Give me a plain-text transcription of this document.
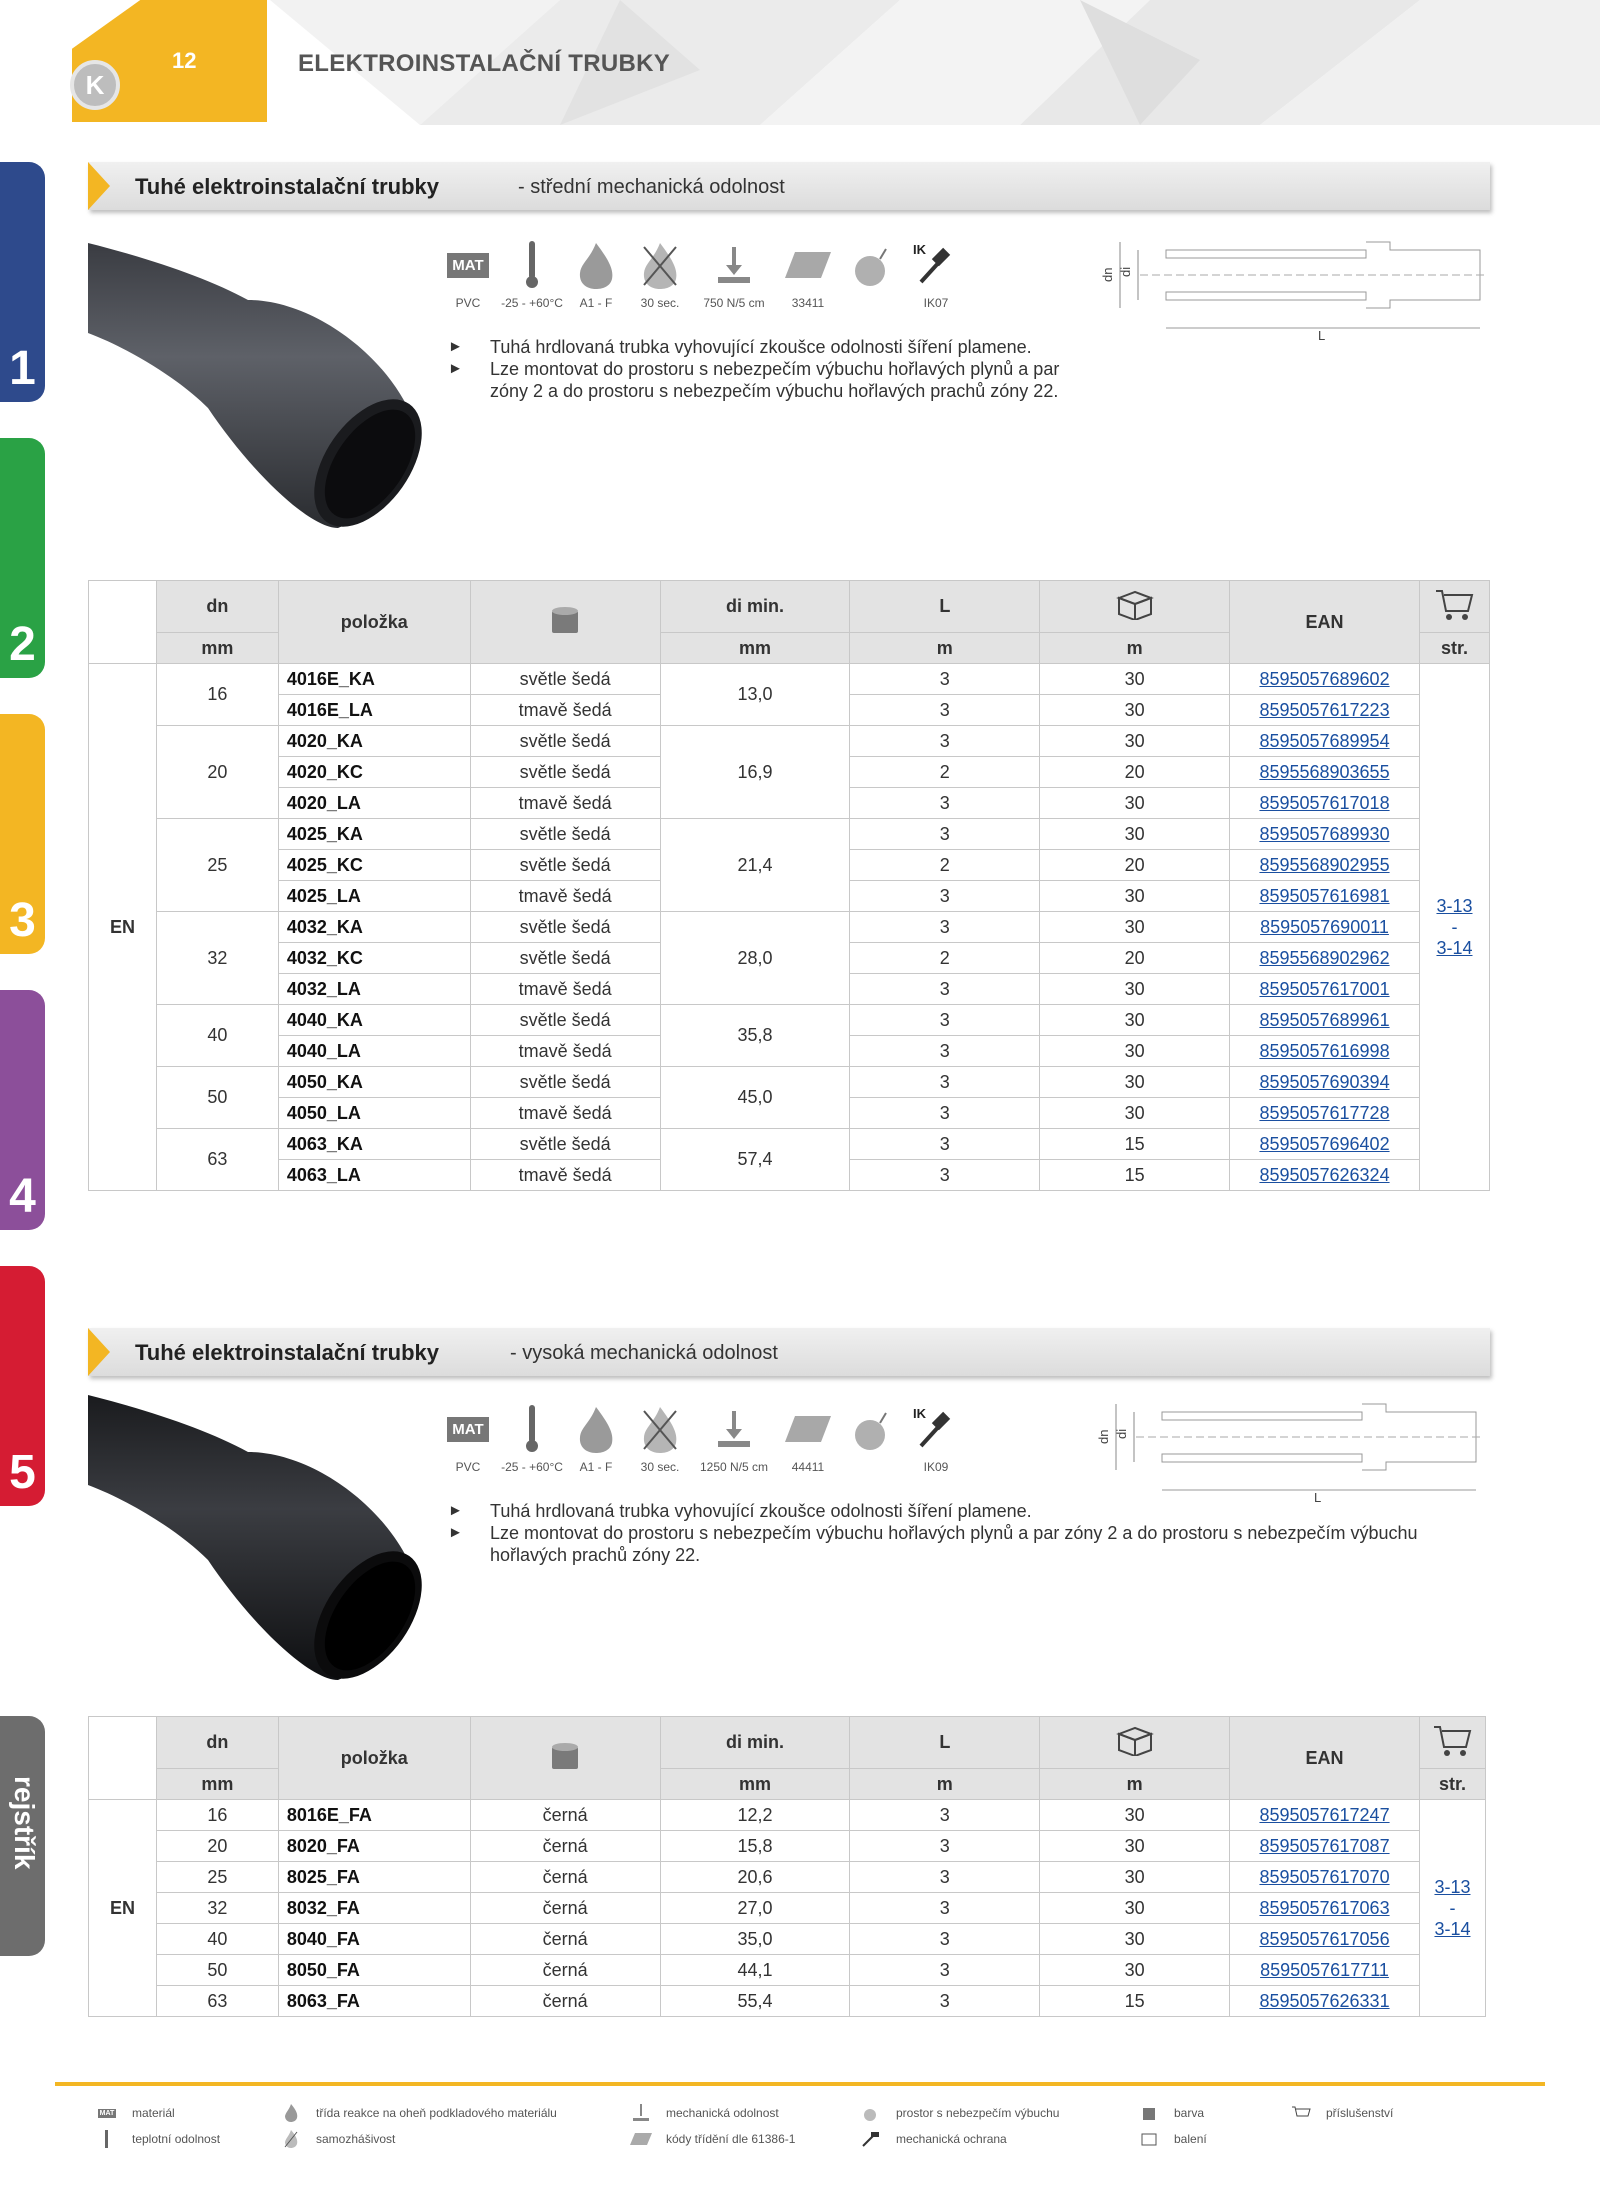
K
12	ELEKTROINSTALAČNÍ TRUBKY
1
2
3
4
5
rejstřík
Tuhé elektroinstalační trubky	- střední mechanická odolnost
MAT
PVC	-25 - +60°C	A1 - F	30 sec.	750 N/5 cm	33411
IK
IK07
dn di
L
► Tuhá hrdlovaná trubka vyhovující zkoušce odolnosti šíření plamene.
► Lze montovat do prostoru s nebezpečím výbuchu hořlavých plynů a par zóny 2 a do prostoru s nebezpečím výbuchu hořlavých prachů zóny 22.
	dn	položka		di min.	L		EAN	
	mm			mm	m	m		str.
EN	16	4016E_KA	světle šedá	13,0	3	30	8595057689602	3-13
-
3-14

		4016E_LA	tmavě šedá		3	30	8595057617223	
	20	4020_KA	světle šedá	16,9	3	30	8595057689954	
		4020_KC	světle šedá		2	20	8595568903655	
		4020_LA	tmavě šedá		3	30	8595057617018	
	25	4025_KA	světle šedá	21,4	3	30	8595057689930	
		4025_KC	světle šedá		2	20	8595568902955	
		4025_LA	tmavě šedá		3	30	8595057616981	
	32	4032_KA	světle šedá	28,0	3	30	8595057690011	
		4032_KC	světle šedá		2	20	8595568902962	
		4032_LA	tmavě šedá		3	30	8595057617001	
	40	4040_KA	světle šedá	35,8	3	30	8595057689961	
		4040_LA	tmavě šedá		3	30	8595057616998	
	50	4050_KA	světle šedá	45,0	3	30	8595057690394	
		4050_LA	tmavě šedá		3	30	8595057617728	
	63	4063_KA	světle šedá	57,4	3	15	8595057696402	
		4063_LA	tmavě šedá		3	15	8595057626324	
Tuhé elektroinstalační trubky	- vysoká mechanická odolnost
MAT
PVC	-25 - +60°C	A1 - F	30 sec.	1250 N/5 cm	44411
IK
IK09
dn di
L
► Tuhá hrdlovaná trubka vyhovující zkoušce odolnosti šíření plamene.
► Lze montovat do prostoru s nebezpečím výbuchu hořlavých plynů a par zóny 2 a do prostoru s nebezpečím výbuchu hořlavých prachů zóny 22.
	dn	položka		di min.	L		EAN	
	mm			mm	m	m		str.
EN	16	8016E_FA	černá	12,2	3	30	8595057617247	3-13
-
3-14

	20	8020_FA	černá	15,8	3	30	8595057617087	
	25	8025_FA	černá	20,6	3	30	8595057617070	
	32	8032_FA	černá	27,0	3	30	8595057617063	
	40	8040_FA	černá	35,0	3	30	8595057617056	
	50	8050_FA	černá	44,1	3	30	8595057617711	
	63	8063_FA	černá	55,4	3	15	8595057626331	
MAT materiál
teplotní odolnost
třída reakce na oheň podkladového materiálu
samozhášivost
mechanická odolnost
kódy třídění dle 61386-1
prostor s nebezpečím výbuchu
mechanická ochrana
barva
balení
příslušenství
